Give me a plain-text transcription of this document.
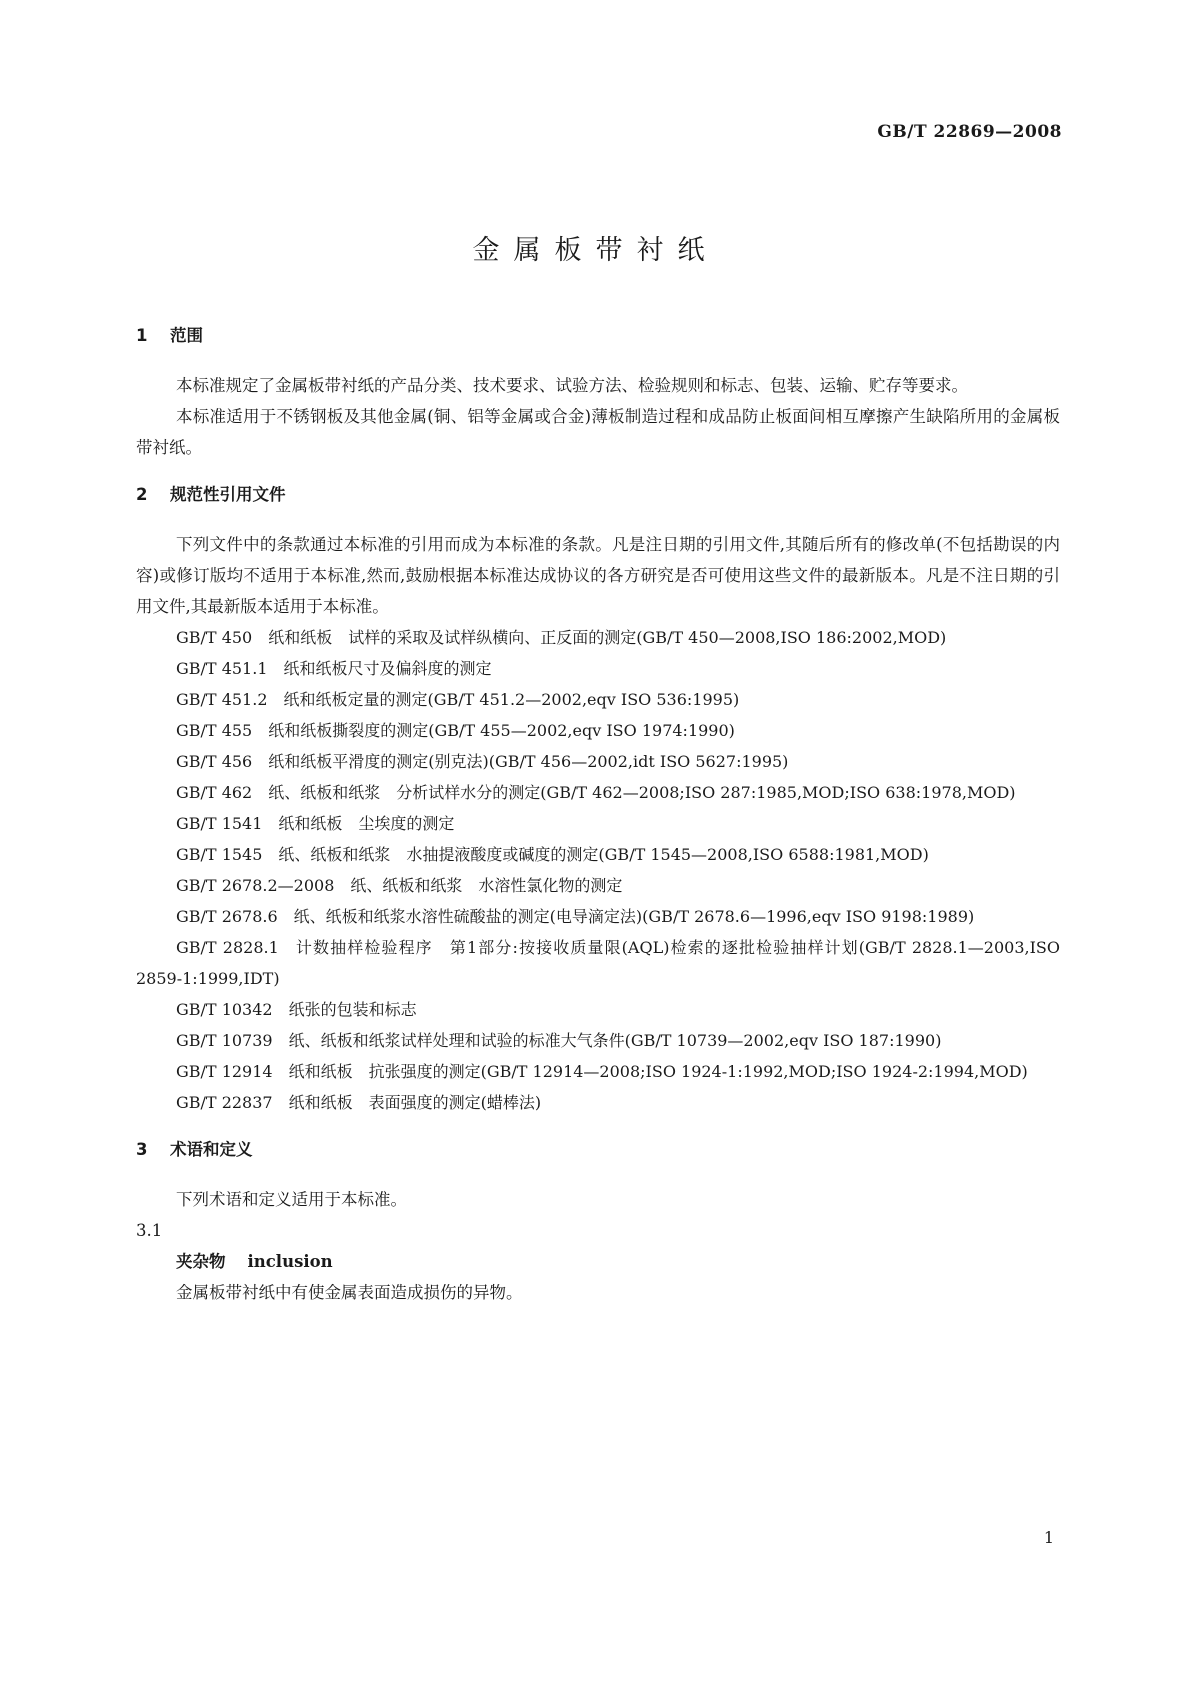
GB/T 22869—2008
金属板带衬纸
1 范围

本标准规定了金属板带衬纸的产品分类、技术要求、试验方法、检验规则和标志、包装、运输、贮存等要求。

本标准适用于不锈钢板及其他金属(铜、铝等金属或合金)薄板制造过程和成品防止板面间相互摩擦产生缺陷所用的金属板带衬纸。

2 规范性引用文件

下列文件中的条款通过本标准的引用而成为本标准的条款。凡是注日期的引用文件,其随后所有的修改单(不包括勘误的内容)或修订版均不适用于本标准,然而,鼓励根据本标准达成协议的各方研究是否可使用这些文件的最新版本。凡是不注日期的引用文件,其最新版本适用于本标准。

GB/T 450 纸和纸板　试样的采取及试样纵横向、正反面的测定(GB/T 450—2008,ISO 186:2002,MOD)

GB/T 451.1 纸和纸板尺寸及偏斜度的测定

GB/T 451.2 纸和纸板定量的测定(GB/T 451.2—2002,eqv ISO 536:1995)

GB/T 455 纸和纸板撕裂度的测定(GB/T 455—2002,eqv ISO 1974:1990)

GB/T 456 纸和纸板平滑度的测定(别克法)(GB/T 456—2002,idt ISO 5627:1995)

GB/T 462 纸、纸板和纸浆　分析试样水分的测定(GB/T 462—2008;ISO 287:1985,MOD;ISO 638:1978,MOD)

GB/T 1541 纸和纸板　尘埃度的测定

GB/T 1545 纸、纸板和纸浆　水抽提液酸度或碱度的测定(GB/T 1545—2008,ISO 6588:1981,MOD)

GB/T 2678.2—2008 纸、纸板和纸浆　水溶性氯化物的测定

GB/T 2678.6 纸、纸板和纸浆水溶性硫酸盐的测定(电导滴定法)(GB/T 2678.6—1996,eqv ISO 9198:1989)

GB/T 2828.1 计数抽样检验程序　第1部分:按接收质量限(AQL)检索的逐批检验抽样计划(GB/T 2828.1—2003,ISO 2859-1:1999,IDT)

GB/T 10342 纸张的包装和标志

GB/T 10739 纸、纸板和纸浆试样处理和试验的标准大气条件(GB/T 10739—2002,eqv ISO 187:1990)

GB/T 12914 纸和纸板　抗张强度的测定(GB/T 12914—2008;ISO 1924-1:1992,MOD;ISO 1924-2:1994,MOD)

GB/T 22837 纸和纸板　表面强度的测定(蜡棒法)

3 术语和定义

下列术语和定义适用于本标准。

3.1

夹杂物 inclusion

金属板带衬纸中有使金属表面造成损伤的异物。

1
